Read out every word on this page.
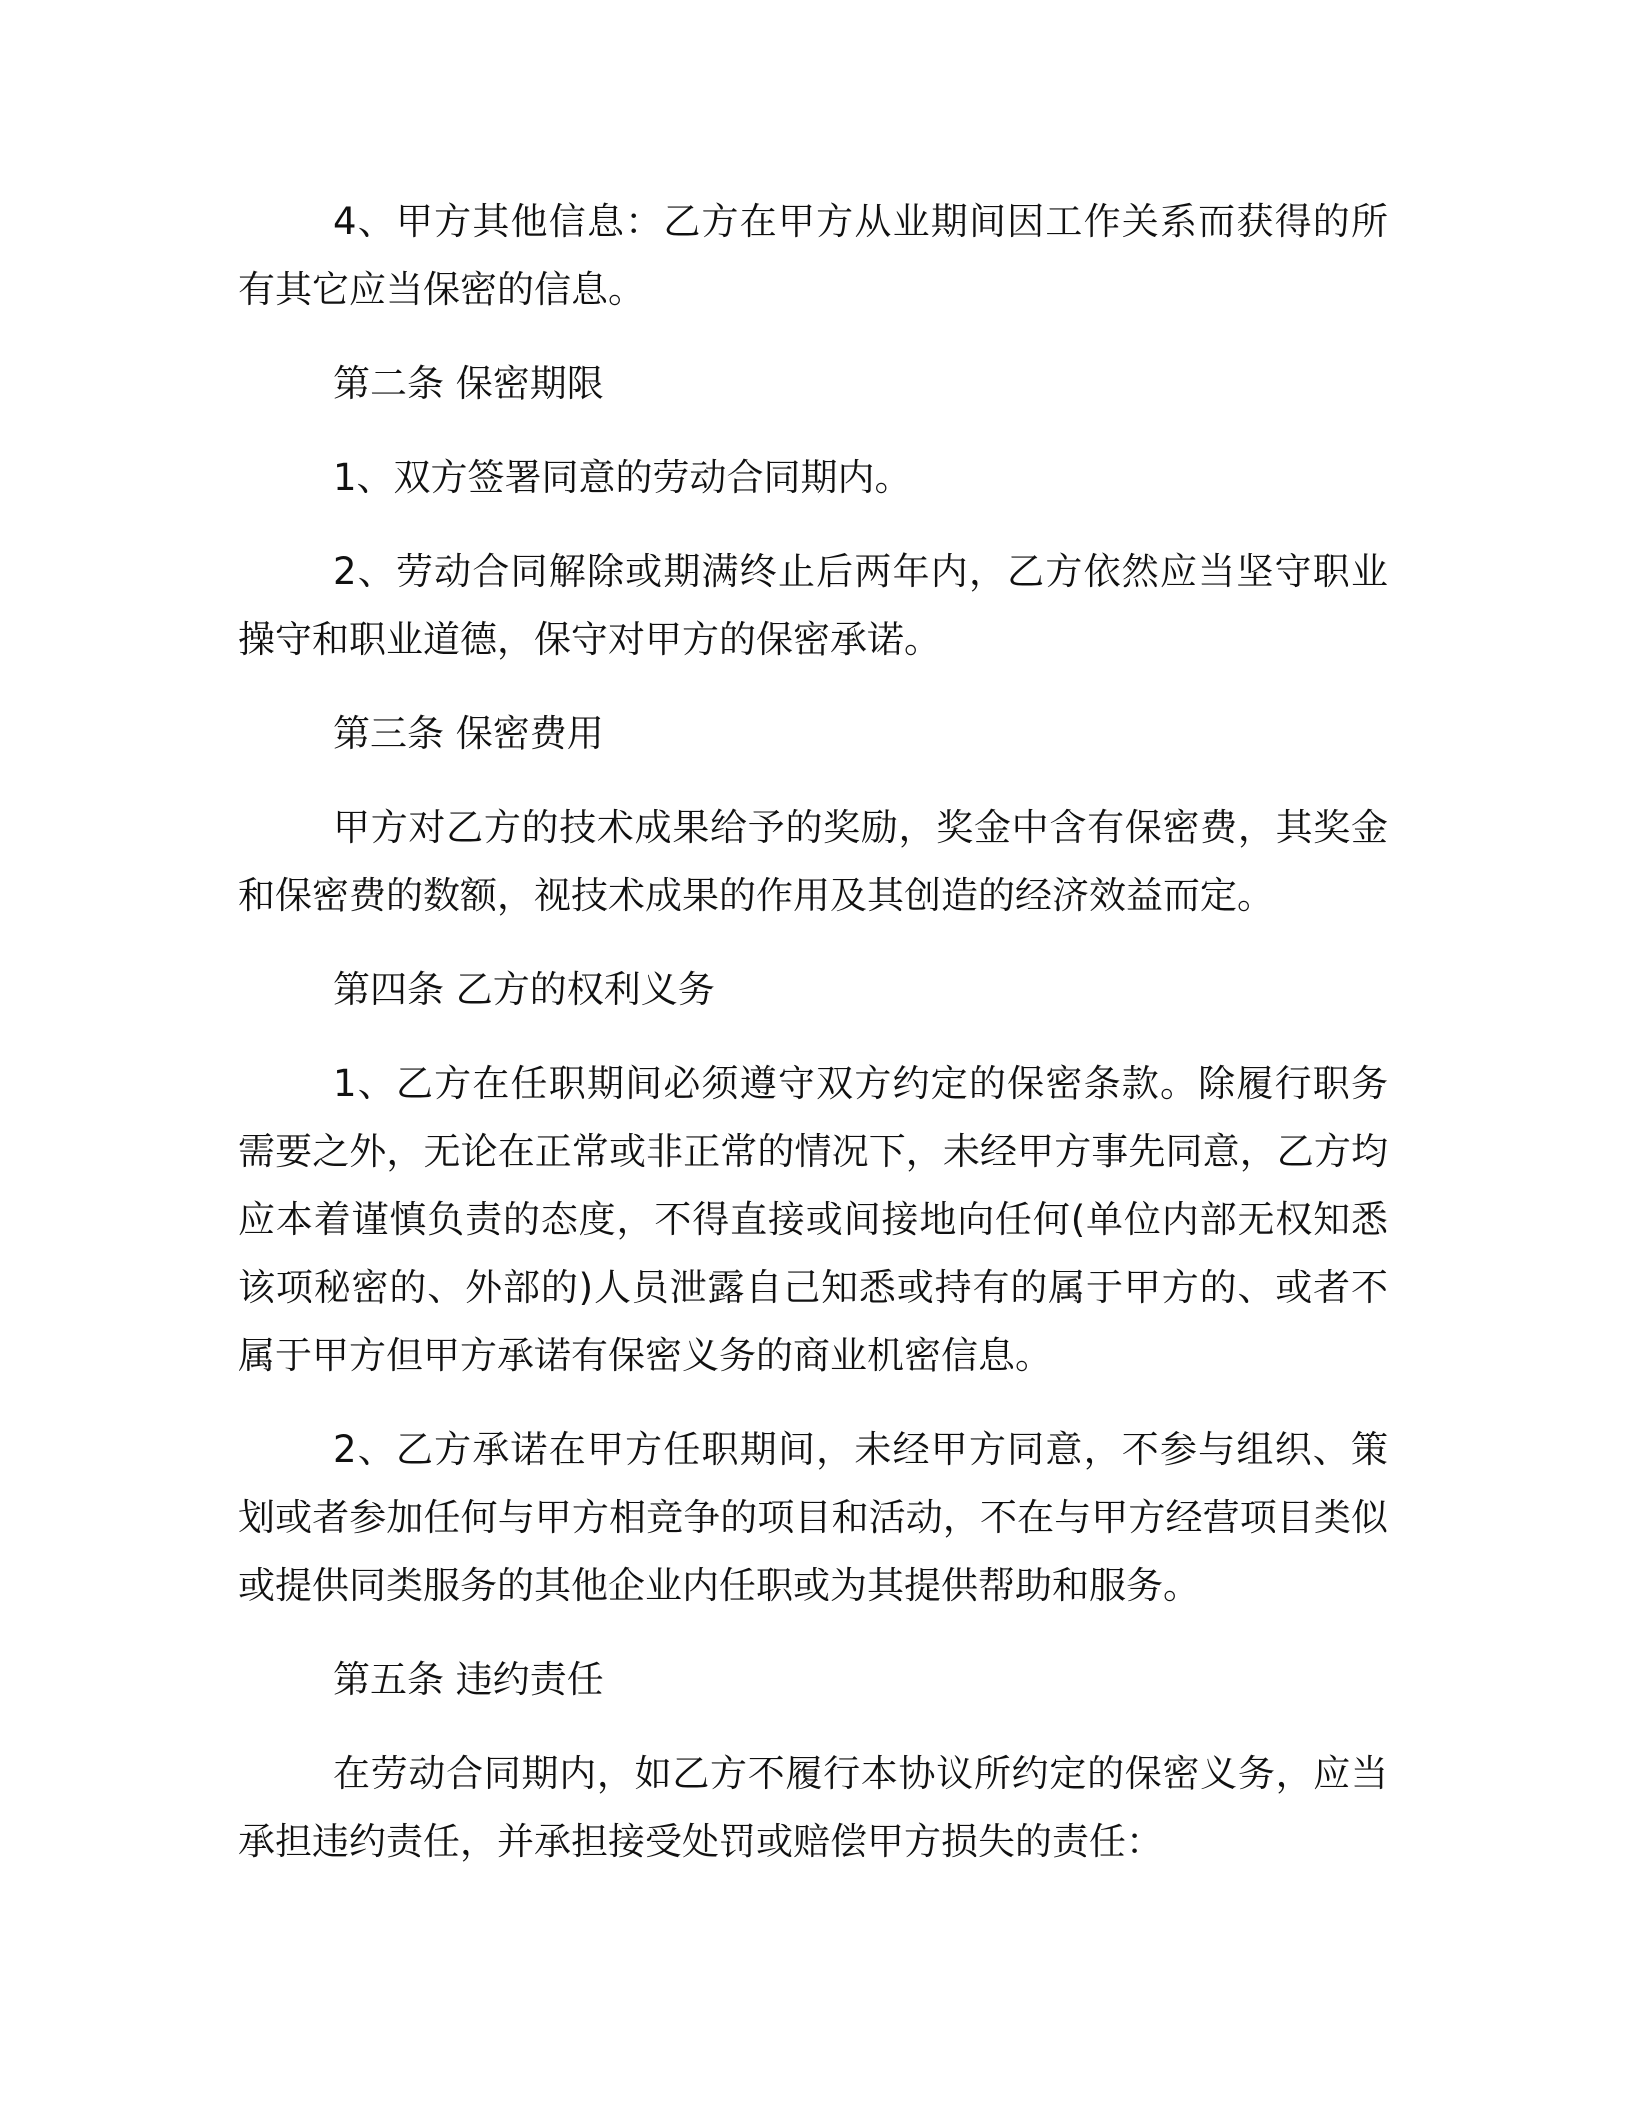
4、甲方其他信息：乙方在甲方从业期间因工作关系而获得的所有其它应当保密的信息。

第二条 保密期限

1、双方签署同意的劳动合同期内。

2、劳动合同解除或期满终止后两年内，乙方依然应当坚守职业操守和职业道德，保守对甲方的保密承诺。

第三条 保密费用

甲方对乙方的技术成果给予的奖励，奖金中含有保密费，其奖金和保密费的数额，视技术成果的作用及其创造的经济效益而定。

第四条 乙方的权利义务

1、乙方在任职期间必须遵守双方约定的保密条款。除履行职务需要之外，无论在正常或非正常的情况下，未经甲方事先同意，乙方均应本着谨慎负责的态度，不得直接或间接地向任何(单位内部无权知悉该项秘密的、外部的)人员泄露自己知悉或持有的属于甲方的、或者不属于甲方但甲方承诺有保密义务的商业机密信息。

2、乙方承诺在甲方任职期间，未经甲方同意，不参与组织、策划或者参加任何与甲方相竞争的项目和活动，不在与甲方经营项目类似或提供同类服务的其他企业内任职或为其提供帮助和服务。

第五条 违约责任

在劳动合同期内，如乙方不履行本协议所约定的保密义务，应当承担违约责任，并承担接受处罚或赔偿甲方损失的责任：
